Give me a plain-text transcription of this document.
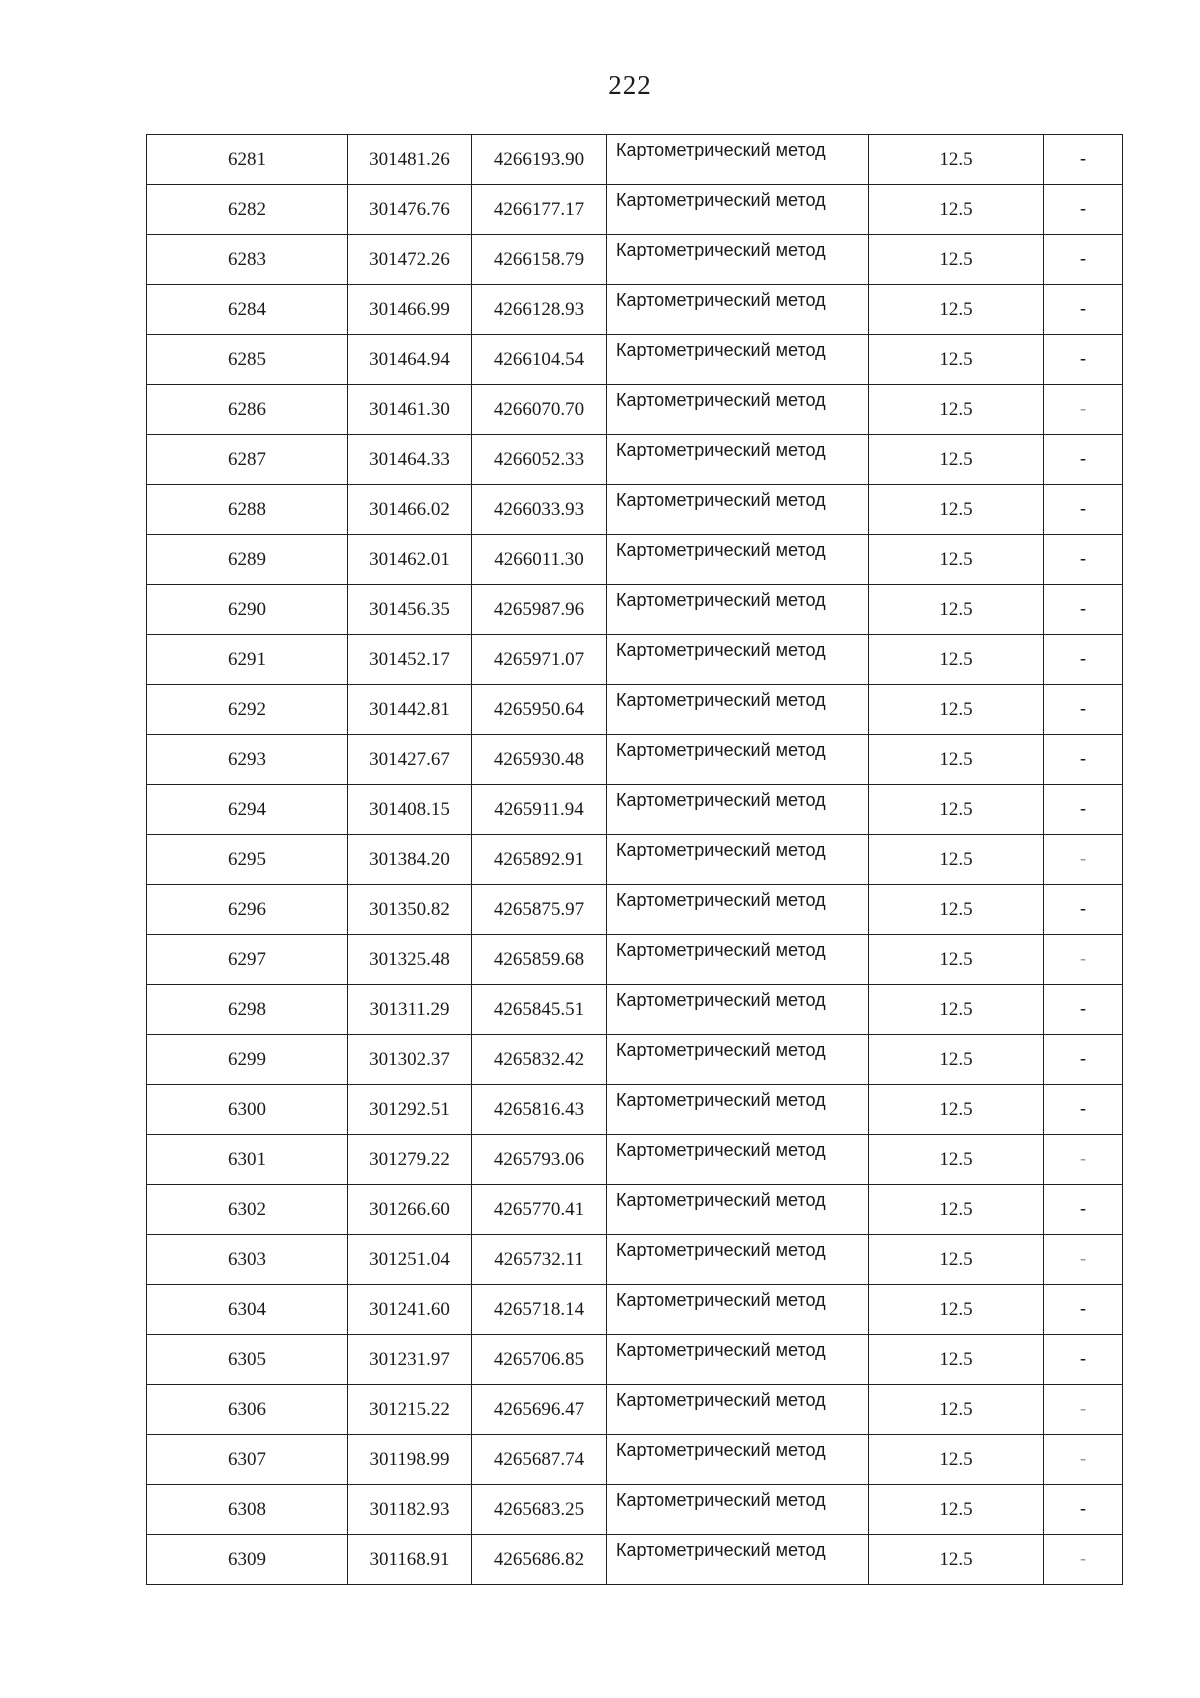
222
6281	301481.26	4266193.90	Картометрический метод	12.5	-
6282	301476.76	4266177.17	Картометрический метод	12.5	-
6283	301472.26	4266158.79	Картометрический метод	12.5	-
6284	301466.99	4266128.93	Картометрический метод	12.5	-
6285	301464.94	4266104.54	Картометрический метод	12.5	-
6286	301461.30	4266070.70	Картометрический метод	12.5	-
6287	301464.33	4266052.33	Картометрический метод	12.5	-
6288	301466.02	4266033.93	Картометрический метод	12.5	-
6289	301462.01	4266011.30	Картометрический метод	12.5	-
6290	301456.35	4265987.96	Картометрический метод	12.5	-
6291	301452.17	4265971.07	Картометрический метод	12.5	-
6292	301442.81	4265950.64	Картометрический метод	12.5	-
6293	301427.67	4265930.48	Картометрический метод	12.5	-
6294	301408.15	4265911.94	Картометрический метод	12.5	-
6295	301384.20	4265892.91	Картометрический метод	12.5	-
6296	301350.82	4265875.97	Картометрический метод	12.5	-
6297	301325.48	4265859.68	Картометрический метод	12.5	-
6298	301311.29	4265845.51	Картометрический метод	12.5	-
6299	301302.37	4265832.42	Картометрический метод	12.5	-
6300	301292.51	4265816.43	Картометрический метод	12.5	-
6301	301279.22	4265793.06	Картометрический метод	12.5	-
6302	301266.60	4265770.41	Картометрический метод	12.5	-
6303	301251.04	4265732.11	Картометрический метод	12.5	-
6304	301241.60	4265718.14	Картометрический метод	12.5	-
6305	301231.97	4265706.85	Картометрический метод	12.5	-
6306	301215.22	4265696.47	Картометрический метод	12.5	-
6307	301198.99	4265687.74	Картометрический метод	12.5	-
6308	301182.93	4265683.25	Картометрический метод	12.5	-
6309	301168.91	4265686.82	Картометрический метод	12.5	-
